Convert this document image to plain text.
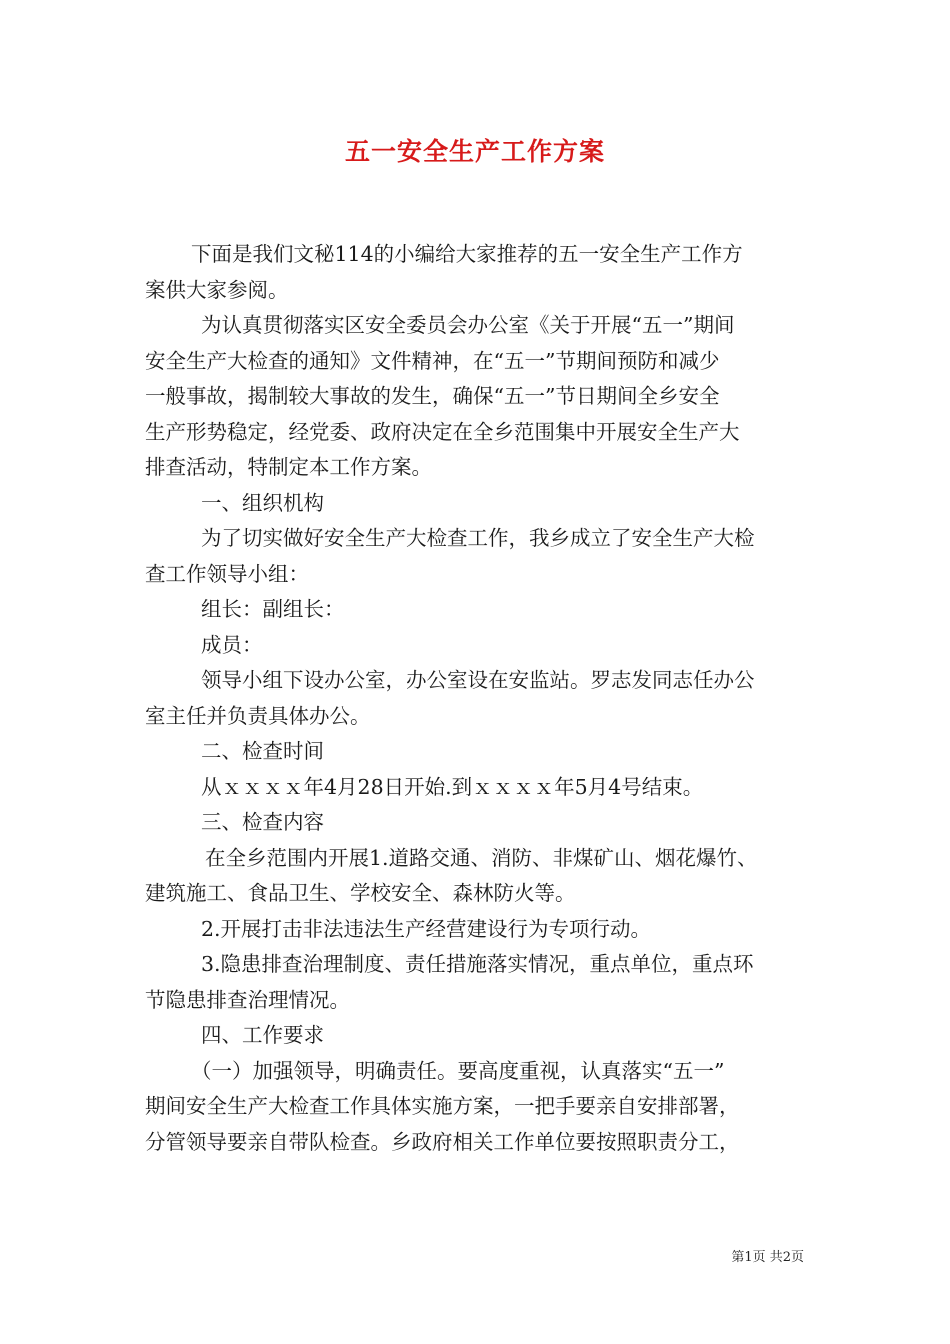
五一安全生产工作方案
下面是我们文秘114的小编给大家推荐的五一安全生产工作方
案供大家参阅。
为认真贯彻落实区安全委员会办公室《关于开展“五一”期间
安全生产大检查的通知》文件精神，在“五一”节期间预防和减少
一般事故，揭制较大事故的发生，确保“五一”节日期间全乡安全
生产形势稳定，经党委、政府决定在全乡范围集中开展安全生产大
排查活动，特制定本工作方案。
一、组织机构
为了切实做好安全生产大检查工作，我乡成立了安全生产大检
查工作领导小组：
组长：副组长：
成员：
领导小组下设办公室，办公室设在安监站。罗志发同志任办公
室主任并负责具体办公。
二、检查时间
从ｘｘｘｘ年4月28日开始.到ｘｘｘｘ年5月4号结束。
三、检查内容
在全乡范围内开展1.道路交通、消防、非煤矿山、烟花爆竹、
建筑施工、食品卫生、学校安全、森林防火等。
2.开展打击非法违法生产经营建设行为专项行动。
3.隐患排查治理制度、责任措施落实情况，重点单位，重点环
节隐患排查治理情况。
四、工作要求
（一）加强领导，明确责任。要高度重视，认真落实“五一”
期间安全生产大检查工作具体实施方案，一把手要亲自安排部署，
分管领导要亲自带队检查。乡政府相关工作单位要按照职责分工，
第1页 共2页
